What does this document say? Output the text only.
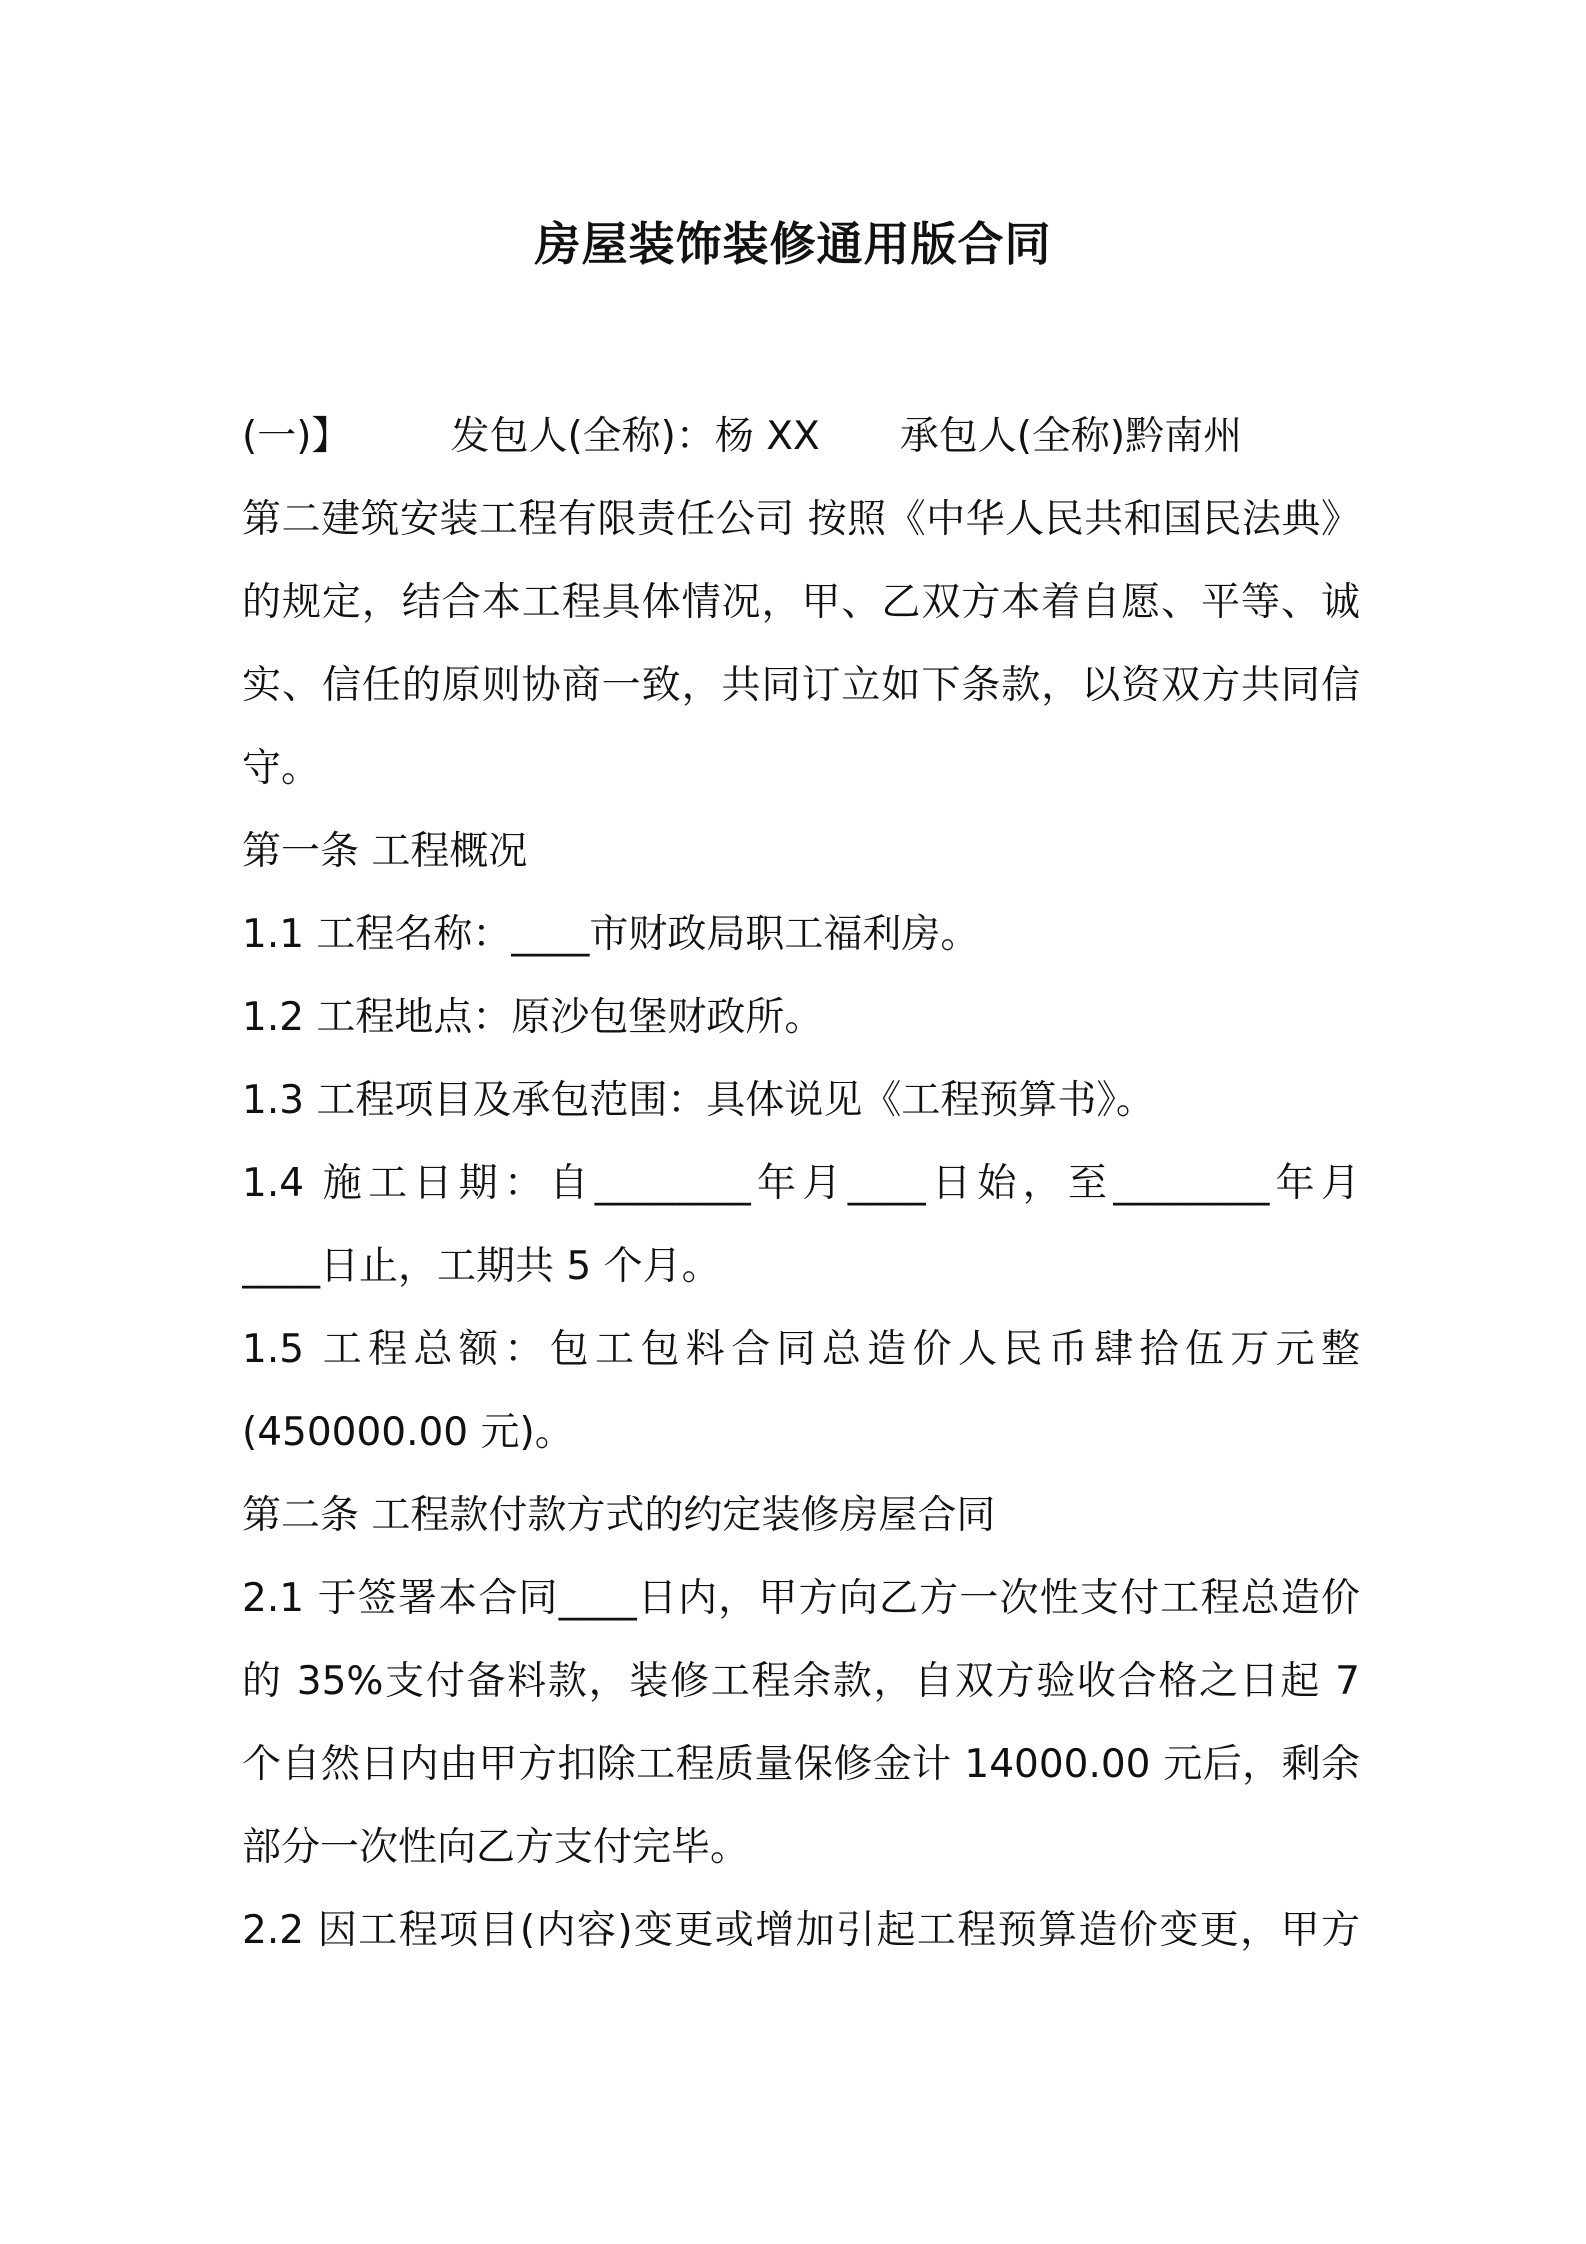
房屋装饰装修通用版合同
(一)】	发包人(全称)：杨 XX 承包人(全称)黔南州
第二建筑安装工程有限责任公司 按照《中华人民共和国民法典》
的规定，结合本工程具体情况，甲、乙双方本着自愿、平等、诚
实、信任的原则协商一致，共同订立如下条款，以资双方共同信
守。
第一条 工程概况
1.1 工程名称：____市财政局职工福利房。
1.2 工程地点：原沙包堡财政所。
1.3 工程项目及承包范围：具体说见《工程预算书》。
1.4 施工日期：自________年月____日始，至________年月
____日止，工期共 5 个月。
1.5 工程总额：包工包料合同总造价人民币肆拾伍万元整
(450000.00 元)。
第二条 工程款付款方式的约定装修房屋合同
2.1 于签署本合同____日内，甲方向乙方一次性支付工程总造价
的 35%支付备料款，装修工程余款，自双方验收合格之日起 7
个自然日内由甲方扣除工程质量保修金计 14000.00 元后，剩余
部分一次性向乙方支付完毕。
2.2 因工程项目(内容)变更或增加引起工程预算造价变更，甲方
